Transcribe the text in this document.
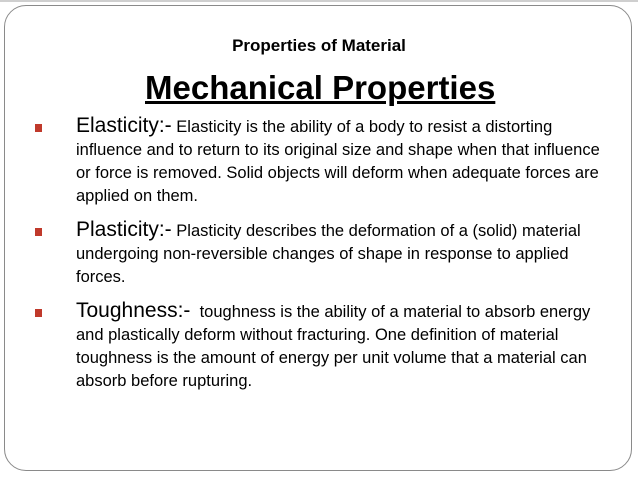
Properties of Material
Mechanical Properties
Elasticity:- Elasticity is the ability of a body to resist a distorting influence and to return to its original size and shape when that influence or force is removed. Solid objects will deform when adequate forces are applied on them.
Plasticity:- Plasticity describes the deformation of a (solid) material undergoing non-reversible changes of shape in response to applied forces.
Toughness:-  toughness is the ability of a material to absorb energy and plastically deform without fracturing. One definition of material toughness is the amount of energy per unit volume that a material can absorb before rupturing.
